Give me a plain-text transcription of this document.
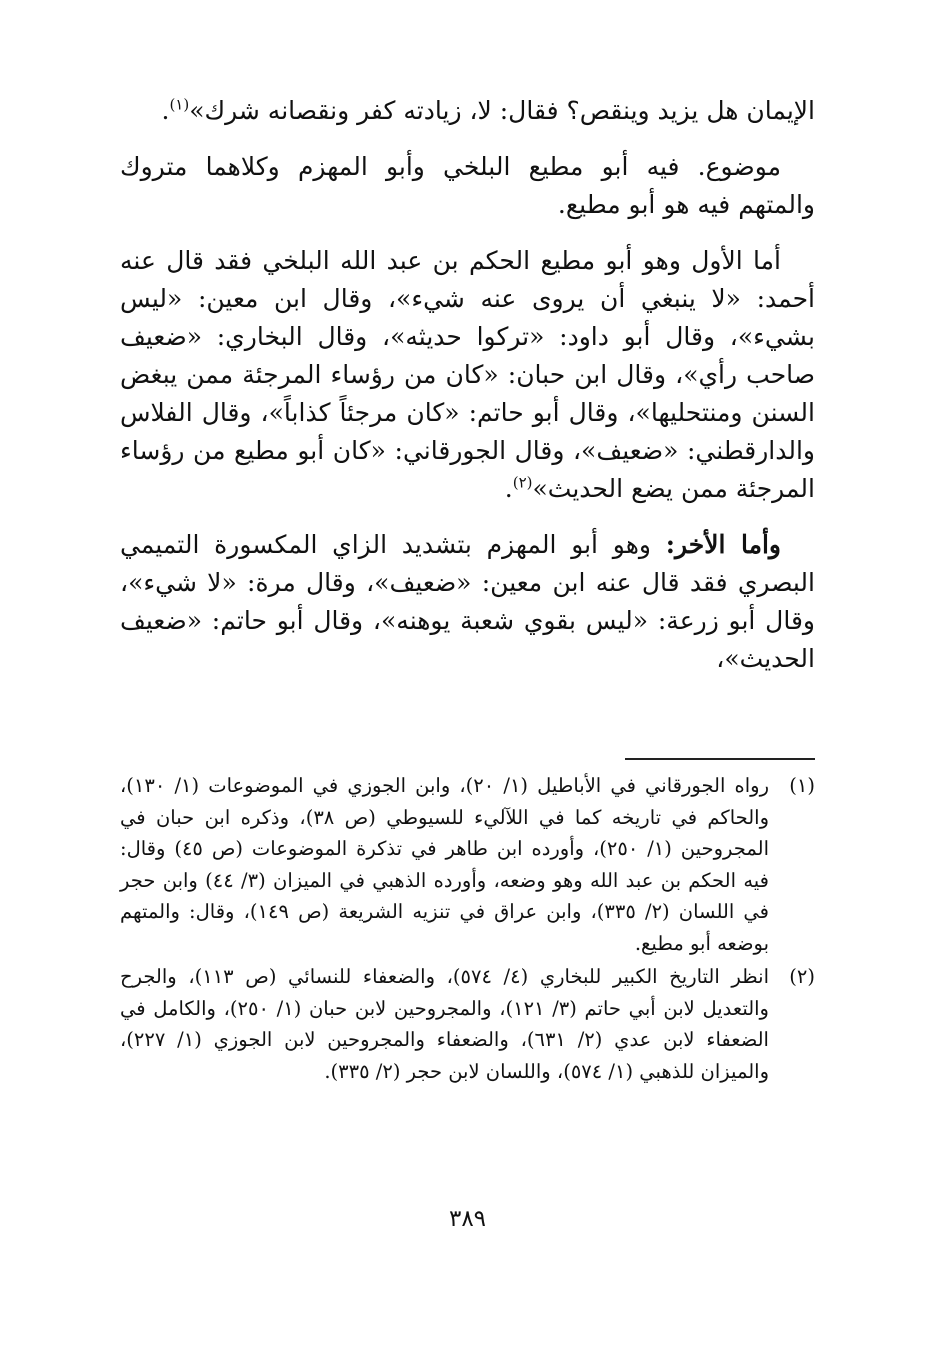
الإيمان هل يزيد وينقص؟ فقال: لا، زيادته كفر ونقصانه شرك»$^{(١)}$.

موضوع. فيه أبو مطيع البلخي وأبو المهزم وكلاهما متروك والمتهم فيه هو أبو مطيع.

أما الأول وهو أبو مطيع الحكم بن عبد الله البلخي فقد قال عنه أحمد: «لا ينبغي أن يروى عنه شيء»، وقال ابن معين: «ليس بشيء»، وقال أبو داود: «تركوا حديثه»، وقال البخاري: «ضعيف صاحب رأي»، وقال ابن حبان: «كان من رؤساء المرجئة ممن يبغض السنن ومنتحليها»، وقال أبو حاتم: «كان مرجئاً كذاباً»، وقال الفلاس والدارقطني: «ضعيف»، وقال الجورقاني: «كان أبو مطيع من رؤساء المرجئة ممن يضع الحديث»$^{(٢)}$.

وأما الأخر: وهو أبو المهزم بتشديد الزاي المكسورة التميمي البصري فقد قال عنه ابن معين: «ضعيف»، وقال مرة: «لا شيء»، وقال أبو زرعة: «ليس بقوي شعبة يوهنه»، وقال أبو حاتم: «ضعيف الحديث»،

(١)
رواه الجورقاني في الأباطيل (١/ ٢٠)، وابن الجوزي في الموضوعات (١/ ١٣٠)، والحاكم في تاريخه كما في اللآليء للسيوطي (ص ٣٨)، وذكره ابن حبان في المجروحين (١/ ٢٥٠)، وأورده ابن طاهر في تذكرة الموضوعات (ص ٤٥) وقال: فيه الحكم بن عبد الله وهو وضعه، وأورده الذهبي في الميزان (٣/ ٤٤) وابن حجر في اللسان (٢/ ٣٣٥)، وابن عراق في تنزيه الشريعة (ص ١٤٩)، وقال: والمتهم بوضعه أبو مطيع.
(٢)
انظر التاريخ الكبير للبخاري (٤/ ٥٧٤)، والضعفاء للنسائي (ص ١١٣)، والجرح والتعديل لابن أبي حاتم (٣/ ١٢١)، والمجروحين لابن حبان (١/ ٢٥٠)، والكامل في الضعفاء لابن عدي (٢/ ٦٣١)، والضعفاء والمجروحين لابن الجوزي (١/ ٢٢٧)، والميزان للذهبي (١/ ٥٧٤)، واللسان لابن حجر (٢/ ٣٣٥).
٣٨٩
